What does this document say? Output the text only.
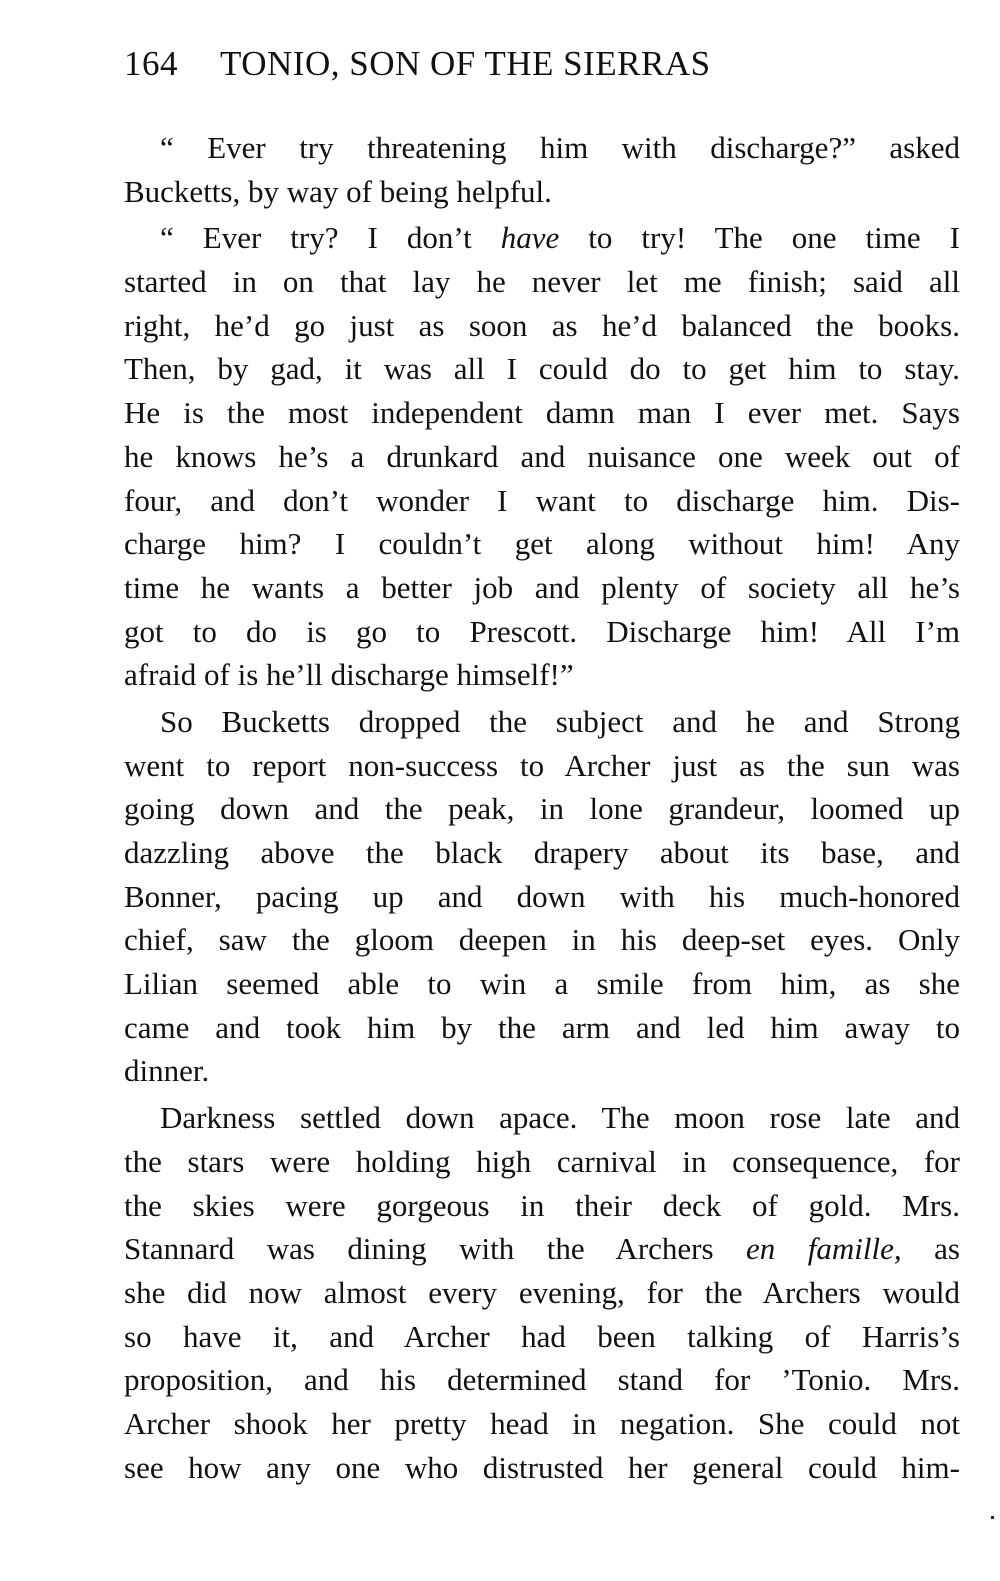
164 TONIO, SON OF THE SIERRAS
“ Ever try threatening him with discharge?” asked
Bucketts, by way of being helpful.
“ Ever try? I don’t have to try! The one time I
started in on that lay he never let me finish; said all
right, he’d go just as soon as he’d balanced the books.
Then, by gad, it was all I could do to get him to stay.
He is the most independent damn man I ever met. Says
he knows he’s a drunkard and nuisance one week out of
four, and don’t wonder I want to discharge him. Dis-
charge him? I couldn’t get along without him! Any
time he wants a better job and plenty of society all he’s
got to do is go to Prescott. Discharge him! All I’m
afraid of is he’ll discharge himself!”
So Bucketts dropped the subject and he and Strong
went to report non-success to Archer just as the sun was
going down and the peak, in lone grandeur, loomed up
dazzling above the black drapery about its base, and
Bonner, pacing up and down with his much-honored
chief, saw the gloom deepen in his deep-set eyes. Only
Lilian seemed able to win a smile from him, as she
came and took him by the arm and led him away to
dinner.
Darkness settled down apace. The moon rose late and
the stars were holding high carnival in consequence, for
the skies were gorgeous in their deck of gold. Mrs.
Stannard was dining with the Archers en famille, as
she did now almost every evening, for the Archers would
so have it, and Archer had been talking of Harris’s
proposition, and his determined stand for ’Tonio. Mrs.
Archer shook her pretty head in negation. She could not
see how any one who distrusted her general could him-
